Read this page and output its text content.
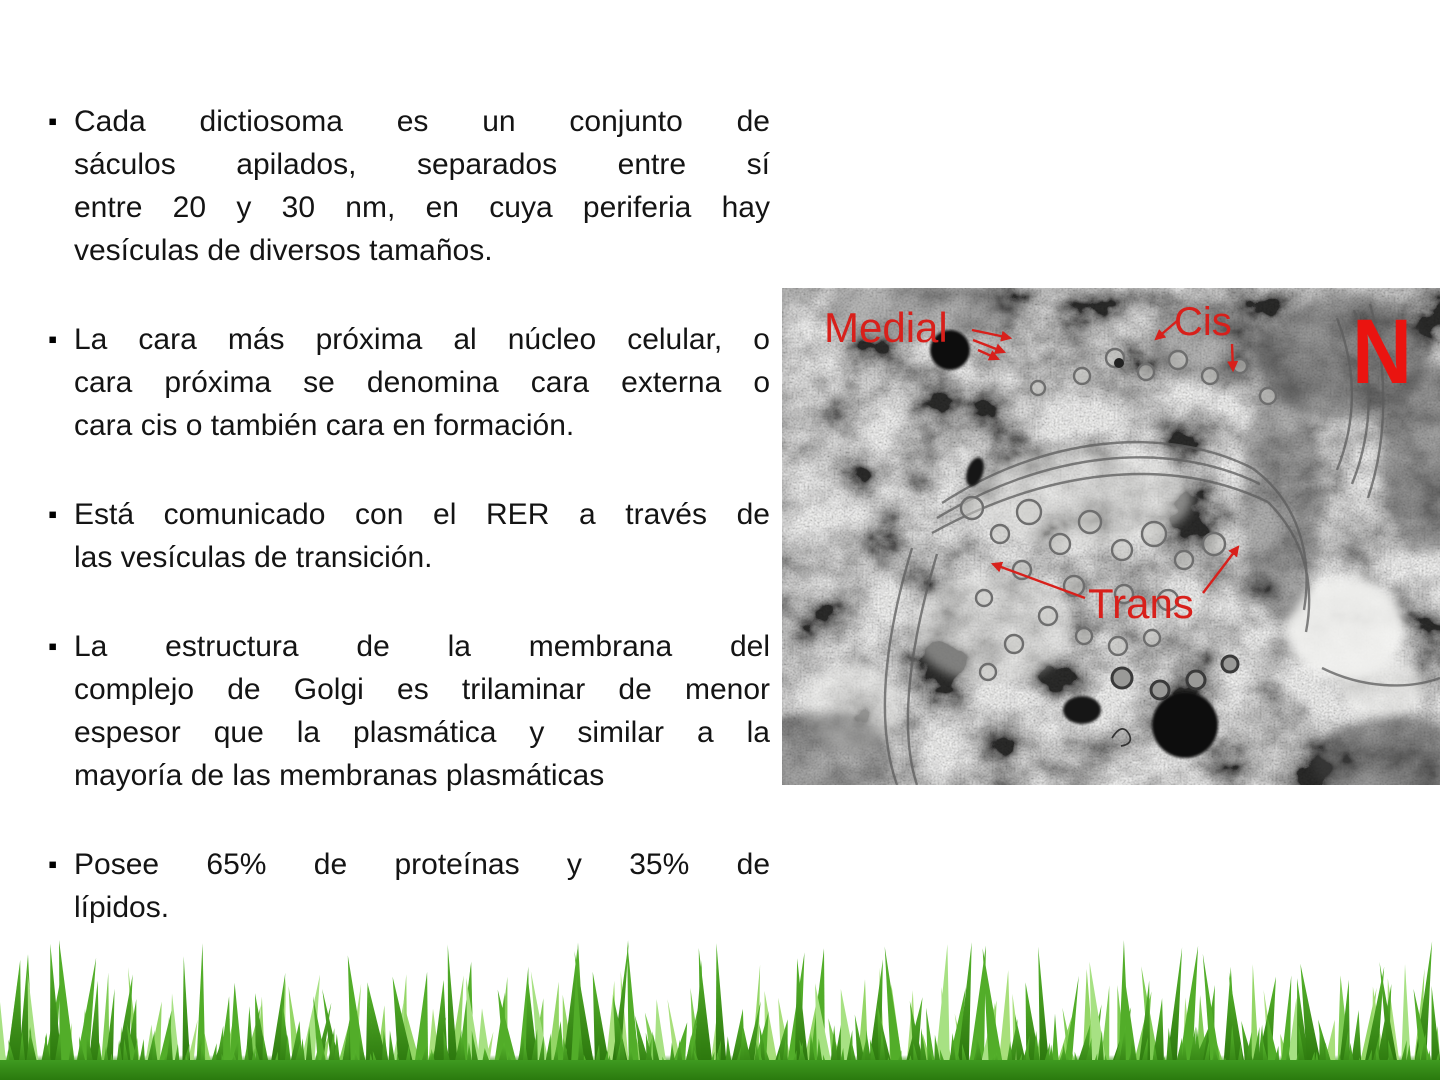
▪ Cada dictiosoma es un conjunto de
sáculos apilados, separados entre sí
entre 20 y 30 nm, en cuya periferia hay
vesículas de diversos tamaños.
▪ La cara más próxima al núcleo celular, o
cara próxima se denomina cara externa o
cara cis o también cara en formación.
▪ Está comunicado con el RER a través de
las vesículas de transición.
▪ La estructura de la membrana del
complejo de Golgi es trilaminar de menor
espesor que la plasmática y similar a la
mayoría de las membranas plasmáticas
▪ Posee 65% de proteínas y 35% de
lípidos.
Medial	Cis
Trans
N
